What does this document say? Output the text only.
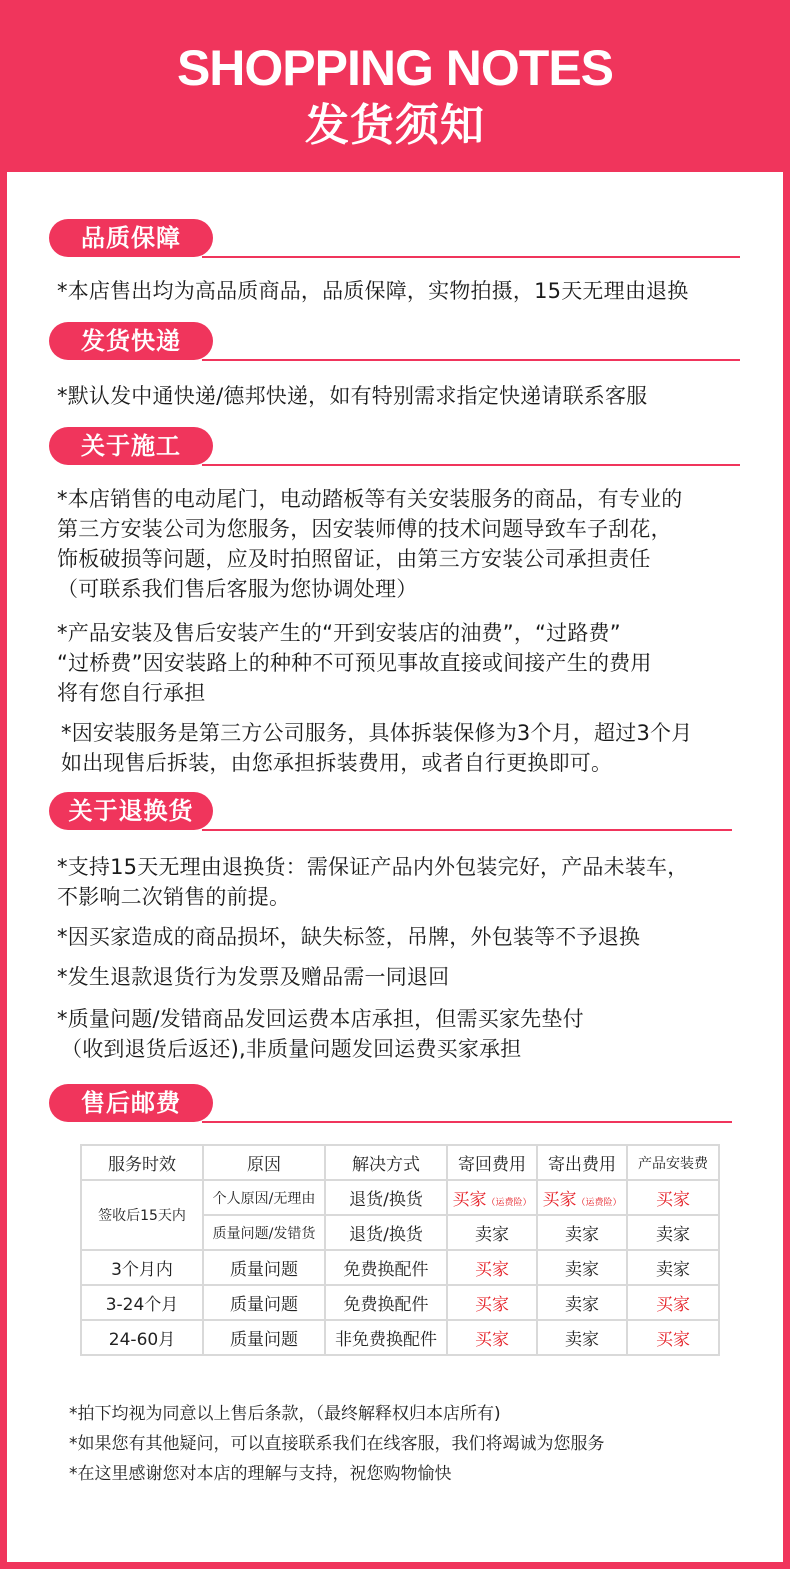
SHOPPING NOTES
发货须知
品质保障
*本店售出均为高品质商品，品质保障，实物拍摄，15天无理由退换
发货快递
*默认发中通快递/德邦快递，如有特别需求指定快递请联系客服
关于施工
*本店销售的电动尾门，电动踏板等有关安装服务的商品，有专业的
第三方安装公司为您服务，因安装师傅的技术问题导致车子刮花，
饰板破损等问题，应及时拍照留证，由第三方安装公司承担责任
（可联系我们售后客服为您协调处理）
*产品安装及售后安装产生的“开到安装店的油费”，“过路费”
“过桥费”因安装路上的种种不可预见事故直接或间接产生的费用
将有您自行承担
*因安装服务是第三方公司服务，具体拆装保修为3个月，超过3个月
如出现售后拆装，由您承担拆装费用，或者自行更换即可。
关于退换货
*支持15天无理由退换货：需保证产品内外包装完好，产品未装车，
不影响二次销售的前提。
*因买家造成的商品损坏，缺失标签，吊牌，外包装等不予退换
*发生退款退货行为发票及赠品需一同退回
*质量问题/发错商品发回运费本店承担，但需买家先垫付
（收到退货后返还),非质量问题发回运费买家承担
售后邮费
服务时效	原因	解决方式	寄回费用	寄出费用	产品安装费
签收后15天内	个人原因/无理由	退货/换货	买家（运费险）	买家（运费险）	买家
	质量问题/发错货	退货/换货	卖家	卖家	卖家
3个月内	质量问题	免费换配件	买家	卖家	卖家
3-24个月	质量问题	免费换配件	买家	卖家	买家
24-60月	质量问题	非免费换配件	买家	卖家	买家
*拍下均视为同意以上售后条款，（最终解释权归本店所有)
*如果您有其他疑问，可以直接联系我们在线客服，我们将竭诚为您服务
*在这里感谢您对本店的理解与支持，祝您购物愉快
